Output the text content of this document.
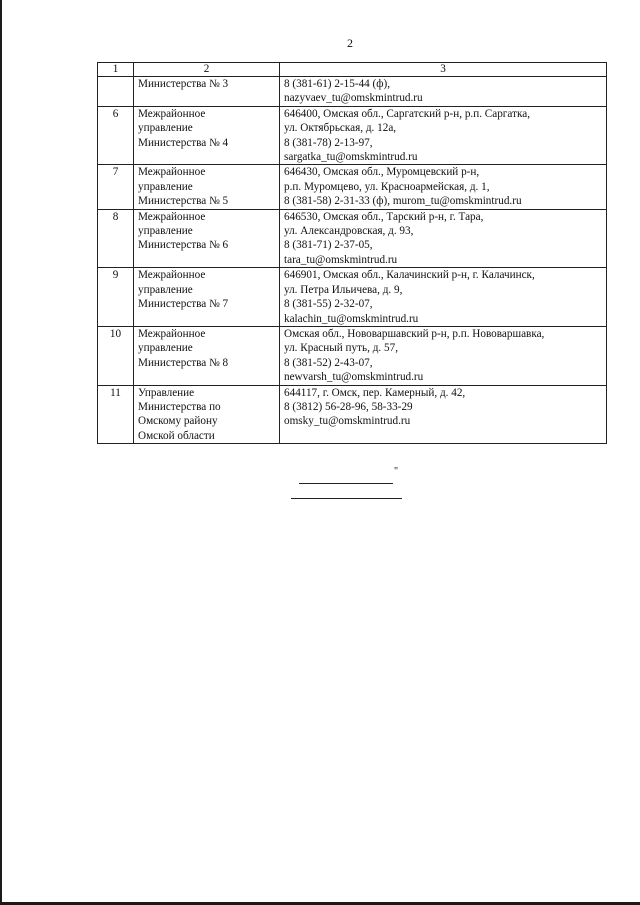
2
1	2	3

	Министерства № 3	8 (381-61) 2-15-44 (ф),
nazyvaev_tu@omskmintrud.ru

6	Межрайонное
управление
Министерства № 4	646400, Омская обл., Саргатский р-н, р.п. Саргатка,
ул. Октябрьская, д. 12а,
8 (381-78) 2-13-97,
sargatka_tu@omskmintrud.ru

7	Межрайонное
управление
Министерства № 5	646430, Омская обл., Муромцевский р-н,
р.п. Муромцево, ул. Красноармейская, д. 1,
8 (381-58) 2-31-33 (ф), murom_tu@omskmintrud.ru

8	Межрайонное
управление
Министерства № 6	646530, Омская обл., Тарский р-н, г. Тара,
ул. Александровская, д. 93,
8 (381-71) 2-37-05,
tara_tu@omskmintrud.ru

9	Межрайонное
управление
Министерства № 7	646901, Омская обл., Калачинский р-н, г. Калачинск,
ул. Петра Ильичева, д. 9,
8 (381-55) 2-32-07,
kalachin_tu@omskmintrud.ru

10	Межрайонное
управление
Министерства № 8	Омская обл., Нововаршавский р-н, р.п. Нововаршавка,
ул. Красный путь, д. 57,
8 (381-52) 2-43-07,
newvarsh_tu@omskmintrud.ru

11	Управление
Министерства по
Омскому району
Омской области	644117, г. Омск, пер. Камерный, д. 42,
8 (3812) 56-28-96, 58-33-29
omsky_tu@omskmintrud.ru
"
